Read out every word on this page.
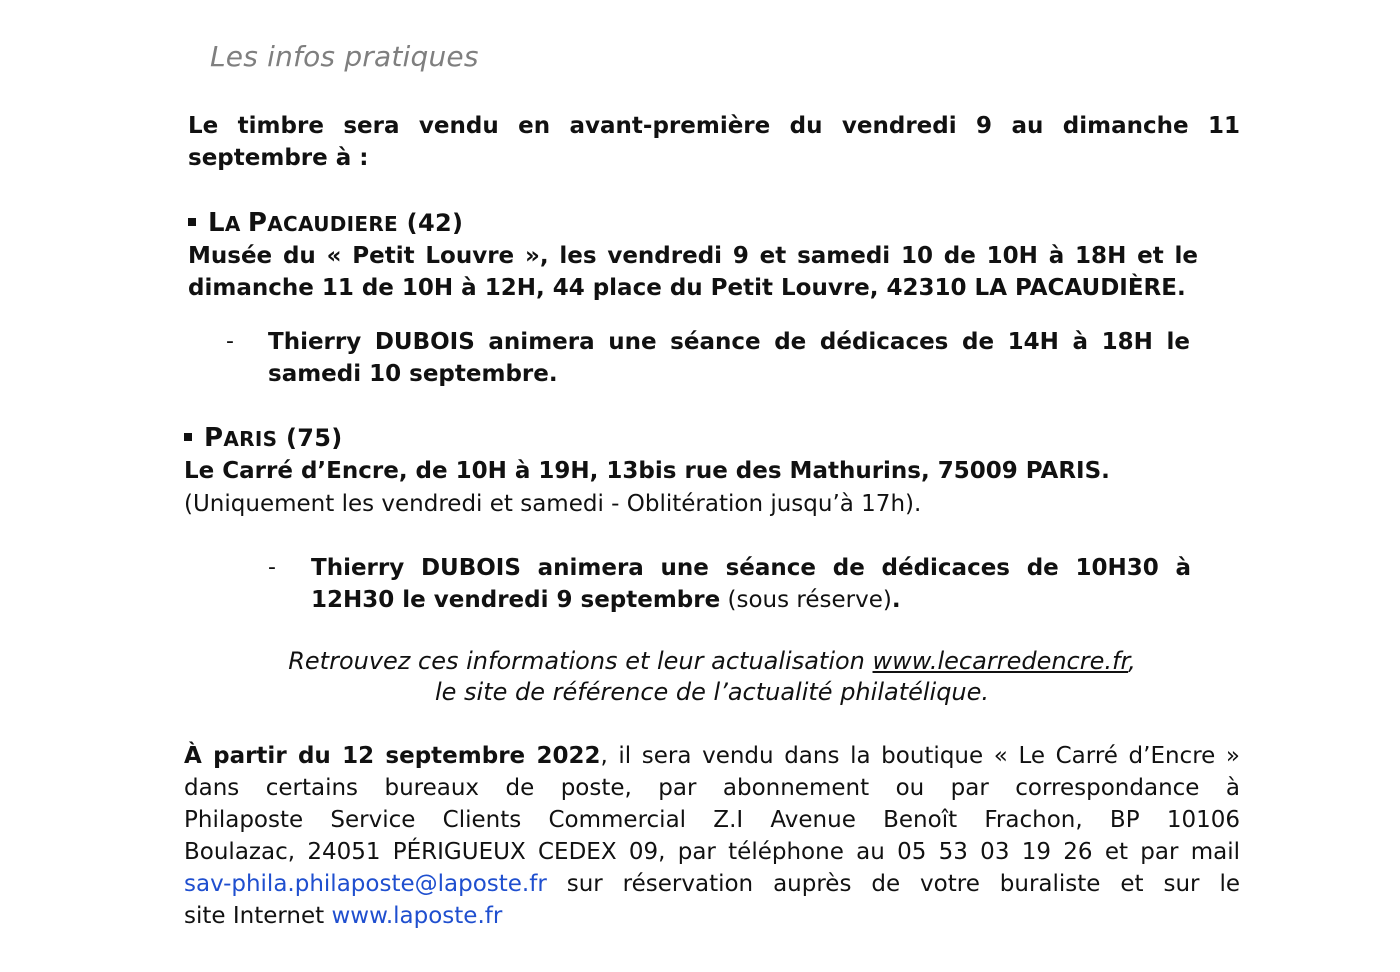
Les infos pratiques
Le timbre sera vendu en avant-première du vendredi 9 au dimanche 11
septembre à :
LA PACAUDIERE (42)
Musée du « Petit Louvre », les vendredi 9 et samedi 10 de 10H à 18H et le
dimanche 11 de 10H à 12H, 44 place du Petit Louvre, 42310 LA PACAUDIÈRE.
- Thierry DUBOIS animera une séance de dédicaces de 14H à 18H le
samedi 10 septembre.
PARIS (75)
Le Carré d’Encre, de 10H à 19H, 13bis rue des Mathurins, 75009 PARIS.
(Uniquement les vendredi et samedi - Oblitération jusqu’à 17h).
- Thierry DUBOIS animera une séance de dédicaces de 10H30 à
12H30 le vendredi 9 septembre (sous réserve).
Retrouvez ces informations et leur actualisation www.lecarredencre.fr,
le site de référence de l’actualité philatélique.
À partir du 12 septembre 2022, il sera vendu dans la boutique « Le Carré d’Encre »
dans certains bureaux de poste, par abonnement ou par correspondance à
Philaposte Service Clients Commercial Z.I Avenue Benoît Frachon, BP 10106
Boulazac, 24051 PÉRIGUEUX CEDEX 09, par téléphone au 05 53 03 19 26 et par mail
sav-phila.philaposte@laposte.fr sur réservation auprès de votre buraliste et sur le
site Internet www.laposte.fr
